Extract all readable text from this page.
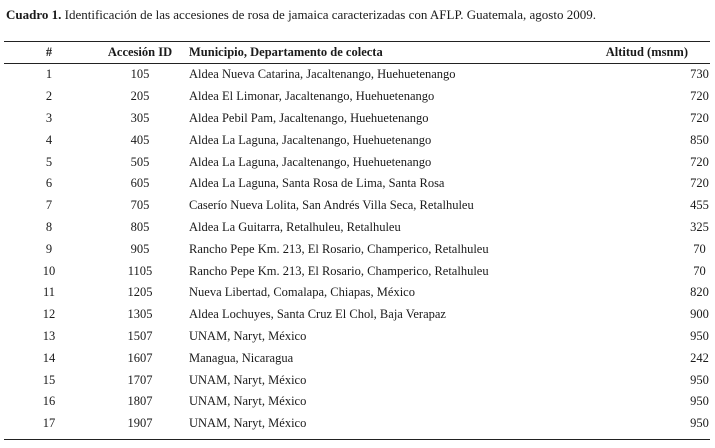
Cuadro 1. Identificación de las accesiones de rosa de jamaica caracterizadas con AFLP. Guatemala, agosto 2009.
#	Accesión ID	Municipio, Departamento de colecta	Altitud (msnm)
1	105	Aldea Nueva Catarina, Jacaltenango, Huehuetenango	730
2	205	Aldea El Limonar, Jacaltenango, Huehuetenango	720
3	305	Aldea Pebil Pam, Jacaltenango, Huehuetenango	720
4	405	Aldea La Laguna, Jacaltenango, Huehuetenango	850
5	505	Aldea La Laguna, Jacaltenango, Huehuetenango	720
6	605	Aldea La Laguna, Santa Rosa de Lima, Santa Rosa	720
7	705	Caserío Nueva Lolita, San Andrés Villa Seca, Retalhuleu	455
8	805	Aldea La Guitarra, Retalhuleu, Retalhuleu	325
9	905	Rancho Pepe Km. 213, El Rosario, Champerico, Retalhuleu	70
10	1105	Rancho Pepe Km. 213, El Rosario, Champerico, Retalhuleu	70
11	1205	Nueva Libertad, Comalapa, Chiapas, México	820
12	1305	Aldea Lochuyes, Santa Cruz El Chol, Baja Verapaz	900
13	1507	UNAM, Naryt, México	950
14	1607	Managua, Nicaragua	242
15	1707	UNAM, Naryt, México	950
16	1807	UNAM, Naryt, México	950
17	1907	UNAM, Naryt, México	950
